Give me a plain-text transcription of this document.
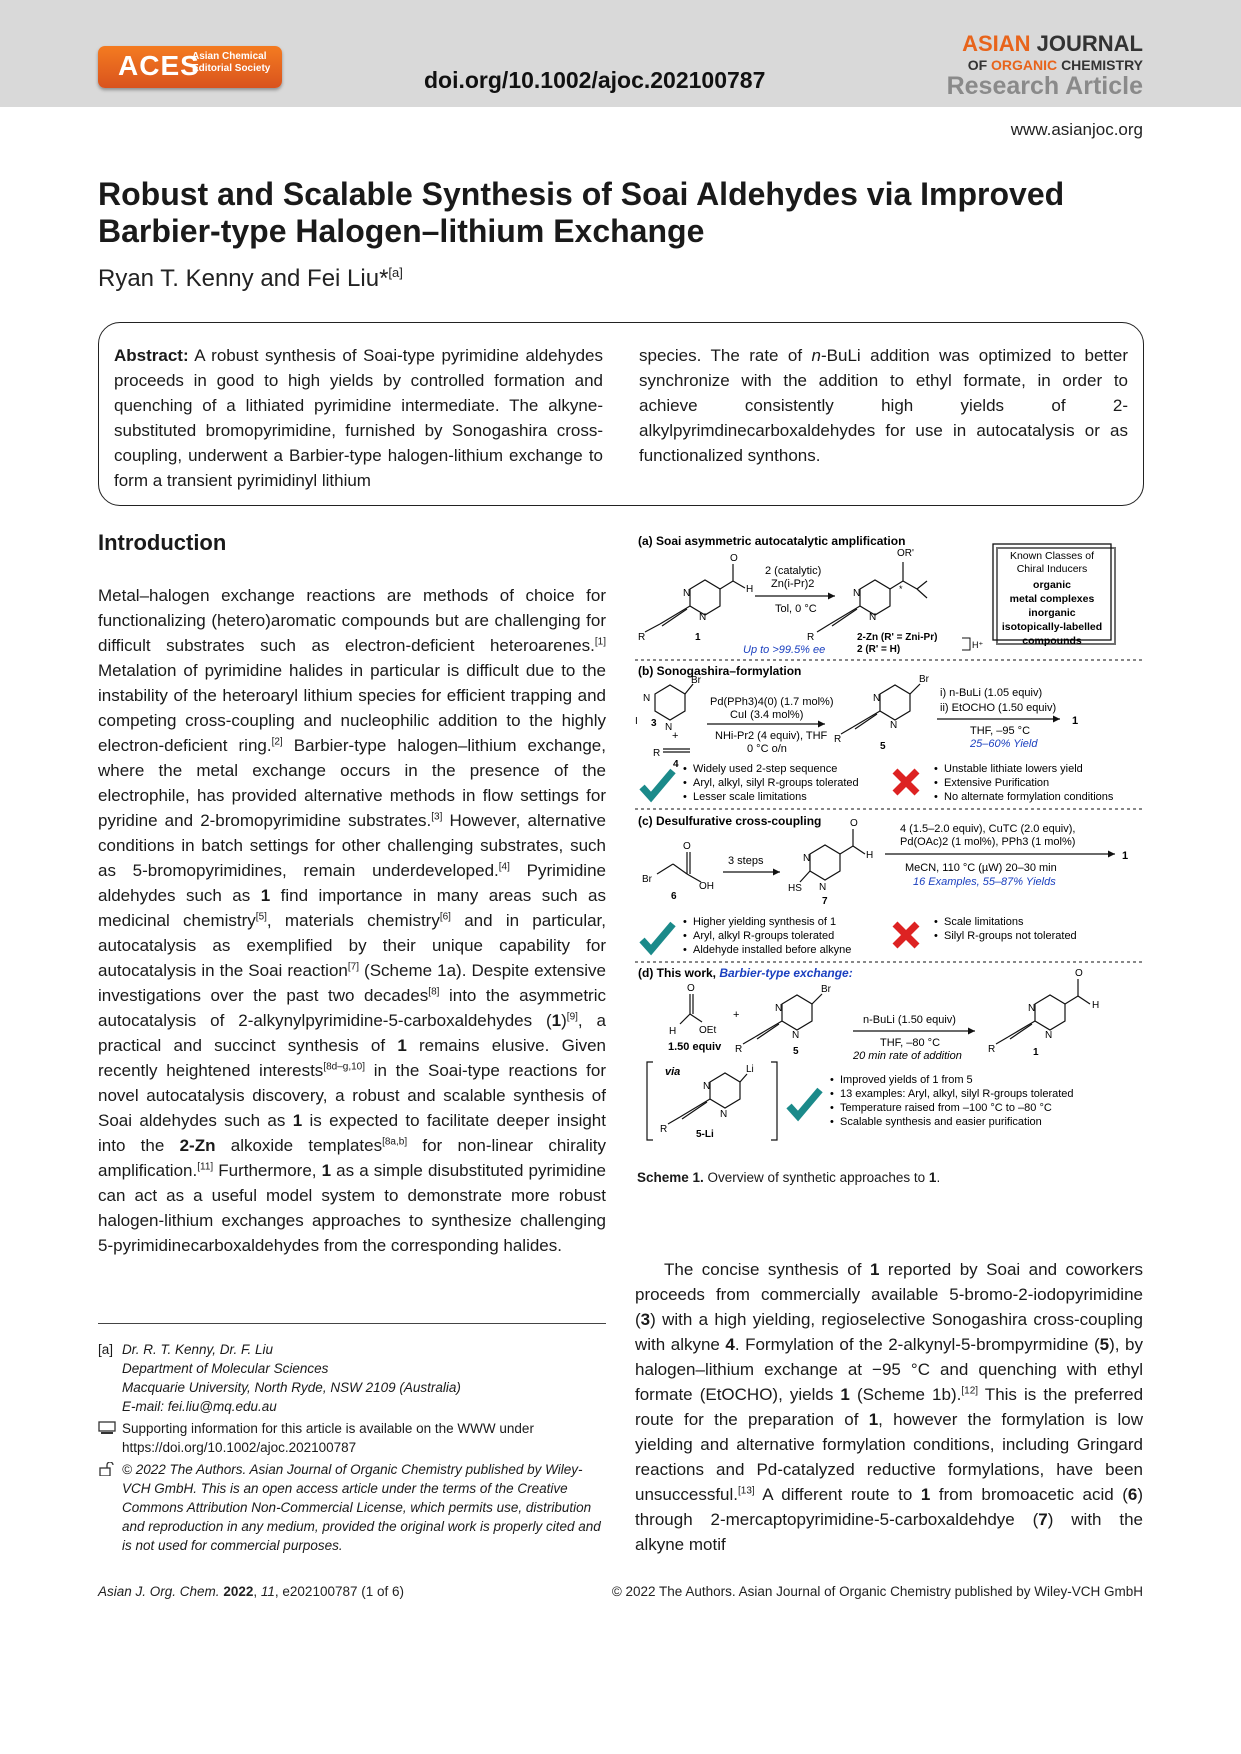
ACES
Asian Chemical
Editorial Society	doi.org/10.1002/ajoc.202100787
ASIAN JOURNAL
OF ORGANIC CHEMISTRY
Research Article
www.asianjoc.org
Robust and Scalable Synthesis of Soai Aldehydes via Improved
Barbier-type Halogen–lithium Exchange
Ryan T. Kenny and Fei Liu*[a]
Abstract: A robust synthesis of Soai-type pyrimidine aldehydes proceeds in good to high yields by controlled formation and quenching of a lithiated pyrimidine intermediate. The alkyne-substituted bromopyrimidine, furnished by Sonogashira cross-coupling, underwent a Barbier-type halogen-lithium exchange to form a transient pyrimidinyl lithium
species. The rate of n-BuLi addition was optimized to better synchronize with the addition to ethyl formate, in order to achieve consistently high yields of 2-alkylpyrimdinecarboxaldehydes for use in autocatalysis or as functionalized synthons.
Introduction
Metal–halogen exchange reactions are methods of choice for functionalizing (hetero)aromatic compounds but are challenging for difficult substrates such as electron-deficient heteroarenes.[1] Metalation of pyrimidine halides in particular is difficult due to the instability of the heteroaryl lithium species for efficient trapping and competing cross-coupling and nucleophilic addition to the highly electron-deficient ring.[2] Barbier-type halogen–lithium exchange, where the metal exchange occurs in the presence of the electrophile, has provided alternative methods in flow settings for pyridine and 2-bromopyrimidine substrates.[3] However, alternative conditions in batch settings for other challenging substrates, such as 5-bromopyrimidines, remain underdeveloped.[4] Pyrimidine aldehydes such as 1 find importance in many areas such as medicinal chemistry[5], materials chemistry[6] and in particular, autocatalysis as exemplified by their unique capability for autocatalysis in the Soai reaction[7] (Scheme 1a). Despite extensive investigations over the past two decades[8] into the asymmetric autocatalysis of 2-alkynylpyrimidine-5-carboxaldehydes (1)[9], a practical and succinct synthesis of 1 remains elusive. Given recently heightened interests[8d–g,10] in the Soai-type reactions for novel autocatalysis discovery, a robust and scalable synthesis of Soai aldehydes such as 1 is expected to facilitate deeper insight into the 2-Zn alkoxide templates[8a,b] for non-linear chirality amplification.[11] Furthermore, 1 as a simple disubstituted pyrimidine can act as a useful model system to demonstrate more robust halogen-lithium exchanges approaches to synthesize challenging 5-pyrimidinecarboxaldehydes from the corresponding halides.
[a] Dr. R. T. Kenny, Dr. F. Liu
Department of Molecular Sciences
Macquarie University, North Ryde, NSW 2109 (Australia)
E-mail: fei.liu@mq.edu.au
Supporting information for this article is available on the WWW under https://doi.org/10.1002/ajoc.202100787
© 2022 The Authors. Asian Journal of Organic Chemistry published by Wiley-VCH GmbH. This is an open access article under the terms of the Creative Commons Attribution Non-Commercial License, which permits use, distribution and reproduction in any medium, provided the original work is properly cited and is not used for commercial purposes.
(a) Soai asymmetric autocatalytic amplification
O
H
N
N
R	1
2 (catalytic)
Zn(i-Pr)2
Tol, 0 °C
Up to >99.5% ee
OR'
*
N
N
R	2-Zn (R' = Zni-Pr)
2 (R' = H)	H⁺
Known Classes of Chiral Inducers
organic
metal complexes
inorganic
isotopically-labelled
compounds
(b) Sonogashira–formylation
Br
N
N
I 3
+
R
4
Pd(PPh3)4(0) (1.7 mol%)
CuI (3.4 mol%)
NHi-Pr2 (4 equiv), THF
0 °C o/n
Br
N
N
R
5
i) n-BuLi (1.05 equiv)
ii) EtOCHO (1.50 equiv)
1
THF, –95 °C
25–60% Yield
• Widely used 2-step sequence
• Aryl, alkyl, silyl R-groups tolerated
• Lesser scale limitations
• Unstable lithiate lowers yield
• Extensive Purification
• No alternate formylation conditions
(c) Desulfurative cross-coupling
O
Br
OH
6
3 steps
O
H
N
N
HS
7
4 (1.5–2.0 equiv), CuTC (2.0 equiv),
Pd(OAc)2 (1 mol%), PPh3 (1 mol%)
1
MeCN, 110 °C (µW) 20–30 min
16 Examples, 55–87% Yields
• Higher yielding synthesis of 1
• Aryl, alkyl R-groups tolerated
• Aldehyde installed before alkyne
• Scale limitations
• Silyl R-groups not tolerated
(d) This work, Barbier-type exchange:
O
H OEt
+
1.50 equiv
Br
N
N
R	5
n-BuLi (1.50 equiv)
THF, –80 °C
20 min rate of addition
O
H
N
N
R	1
via	Li
N
N
R	5-Li
• Improved yields of 1 from 5
• 13 examples: Aryl, alkyl, silyl R-groups tolerated
• Temperature raised from –100 °C to –80 °C
• Scalable synthesis and easier purification
Scheme 1. Overview of synthetic approaches to 1.
The concise synthesis of 1 reported by Soai and coworkers proceeds from commercially available 5-bromo-2-iodopyrimidine (3) with a high yielding, regioselective Sonogashira cross-coupling with alkyne 4. Formylation of the 2-alkynyl-5-brompyrmidine (5), by halogen–lithium exchange at −95 °C and quenching with ethyl formate (EtOCHO), yields 1 (Scheme 1b).[12] This is the preferred route for the preparation of 1, however the formylation is low yielding and alternative formylation conditions, including Gringard reactions and Pd-catalyzed reductive formylations, have been unsuccessful.[13] A different route to 1 from bromoacetic acid (6) through 2-mercaptopyrimidine-5-carboxaldehdye (7) with the alkyne motif
Asian J. Org. Chem. 2022, 11, e202100787 (1 of 6)	© 2022 The Authors. Asian Journal of Organic Chemistry published by Wiley-VCH GmbH
